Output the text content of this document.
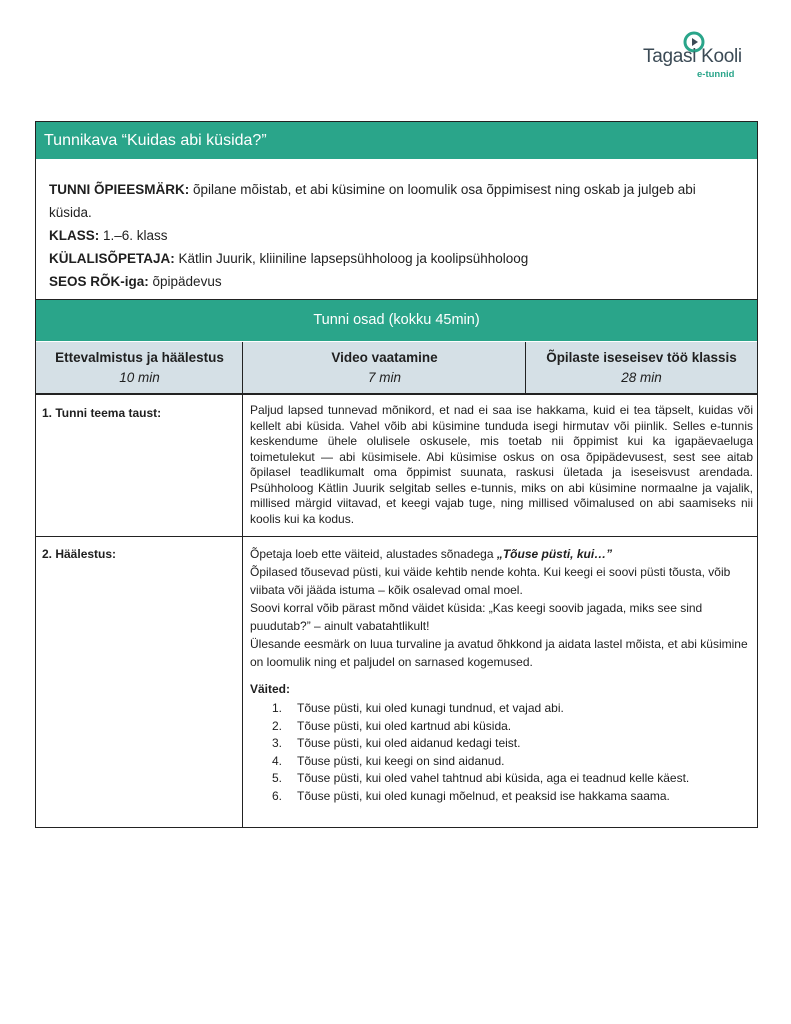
Tagasi Kooli
e-tunnid
Tunnikava “Kuidas abi küsida?”

TUNNI ÕPIEESMÄRK: õpilane mõistab, et abi küsimine on loomulik osa õppimisest ning oskab ja julgeb abi küsida.

KLASS: 1.–6. klass

KÜLALISÕPETAJA: Kätlin Juurik, kliiniline lapsepsühholoog ja koolipsühholoog

SEOS RÕK-iga: õpipädevus

Tunni osad (kokku 45min)
Ettevalmistus ja häälestus
10 min
Video vaatamine
7 min
Õpilaste iseseisev töö klassis
28 min
1. Tunni teema taust:	Paljud lapsed tunnevad mõnikord, et nad ei saa ise hakkama, kuid ei tea täpselt, kuidas või kellelt abi küsida. Vahel võib abi küsimine tunduda isegi hirmutav või piinlik. Selles e-tunnis keskendume ühele olulisele oskusele, mis toetab nii õppimist kui ka igapäevaeluga toimetulekut — abi küsimisele. Abi küsimise oskus on osa õpipädevusest, sest see aitab õpilasel teadlikumalt oma õppimist suunata, raskusi ületada ja iseseisvust arendada. Psühholoog Kätlin Juurik selgitab selles e-tunnis, miks on abi küsimine normaalne ja vajalik, millised märgid viitavad, et keegi vajab tuge, ning millised võimalused on abi saamiseks nii koolis kui ka kodus.

2. Häälestus:	Õpetaja loeb ette väiteid, alustades sõnadega „Tõuse püsti, kui…”

Õpilased tõusevad püsti, kui väide kehtib nende kohta. Kui keegi ei soovi püsti tõusta, võib viibata või jääda istuma – kõik osalevad omal moel.

Soovi korral võib pärast mõnd väidet küsida: „Kas keegi soovib jagada, miks see sind puudutab?” – ainult vabatahtlikult!

Ülesande eesmärk on luua turvaline ja avatud õhkkond ja aidata lastel mõista, et abi küsimine on loomulik ning et paljudel on sarnased kogemused.

Väited:

1. Tõuse püsti, kui oled kunagi tundnud, et vajad abi.
2. Tõuse püsti, kui oled kartnud abi küsida.
3. Tõuse püsti, kui oled aidanud kedagi teist.
4. Tõuse püsti, kui keegi on sind aidanud.
5. Tõuse püsti, kui oled vahel tahtnud abi küsida, aga ei teadnud kelle käest.
6. Tõuse püsti, kui oled kunagi mõelnud, et peaksid ise hakkama saama.
